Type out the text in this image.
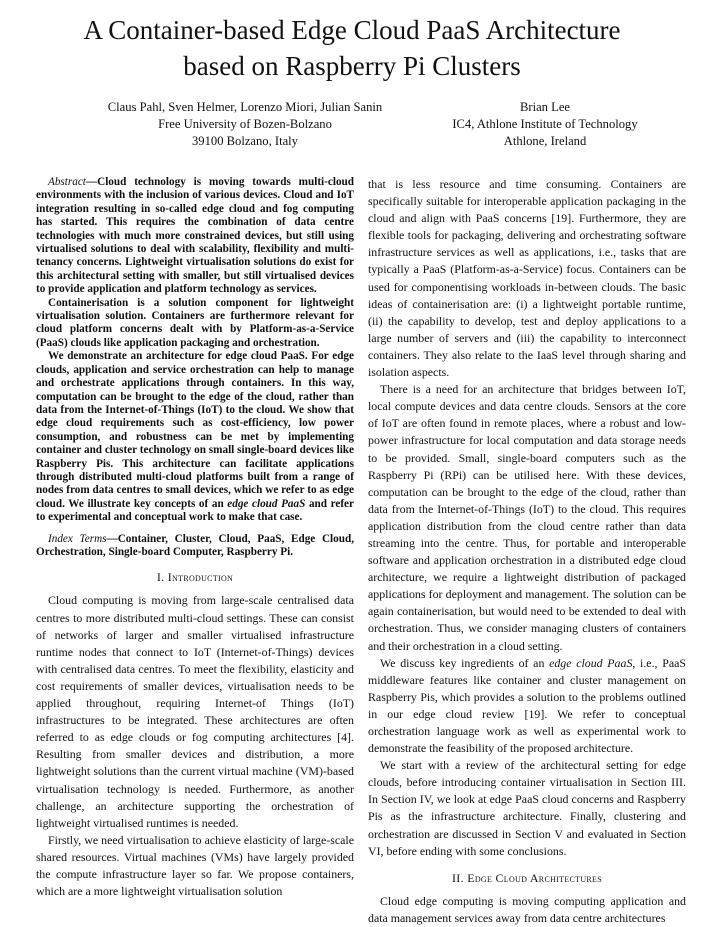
A Container-based Edge Cloud PaaS Architecture
based on Raspberry Pi Clusters
Claus Pahl, Sven Helmer, Lorenzo Miori, Julian Sanin
Free University of Bozen-Bolzano
39100 Bolzano, Italy
Brian Lee
IC4, Athlone Institute of Technology
Athlone, Ireland

Abstract—Cloud technology is moving towards multi-cloud environments with the inclusion of various devices. Cloud and IoT integration resulting in so-called edge cloud and fog computing has started. This requires the combination of data centre technologies with much more constrained devices, but still using virtualised solutions to deal with scalability, flexibility and multi-tenancy concerns. Lightweight virtualisation solutions do exist for this architectural setting with smaller, but still virtualised devices to provide application and platform technology as services.

Containerisation is a solution component for lightweight virtualisation solution. Containers are furthermore relevant for cloud platform concerns dealt with by Platform-as-a-Service (PaaS) clouds like application packaging and orchestration.

We demonstrate an architecture for edge cloud PaaS. For edge clouds, application and service orchestration can help to manage and orchestrate applications through containers. In this way, computation can be brought to the edge of the cloud, rather than data from the Internet-of-Things (IoT) to the cloud. We show that edge cloud requirements such as cost-efficiency, low power consumption, and robustness can be met by implementing container and cluster technology on small single-board devices like Raspberry Pis. This architecture can facilitate applications through distributed multi-cloud platforms built from a range of nodes from data centres to small devices, which we refer to as edge cloud. We illustrate key concepts of an edge cloud PaaS and refer to experimental and conceptual work to make that case.

Index Terms—Container, Cluster, Cloud, PaaS, Edge Cloud, Orchestration, Single-board Computer, Raspberry Pi.

I. Introduction

Cloud computing is moving from large-scale centralised data centres to more distributed multi-cloud settings. These can consist of networks of larger and smaller virtualised infrastructure runtime nodes that connect to IoT (Internet-of-Things) devices with centralised data centres. To meet the flexibility, elasticity and cost requirements of smaller devices, virtualisation needs to be applied throughout, requiring Internet-of Things (IoT) infrastructures to be integrated. These architectures are often referred to as edge clouds or fog computing architectures [4]. Resulting from smaller devices and distribution, a more lightweight solutions than the current virtual machine (VM)-based virtualisation technology is needed. Furthermore, as another challenge, an architecture supporting the orchestration of lightweight virtualised runtimes is needed.

Firstly, we need virtualisation to achieve elasticity of large-scale shared resources. Virtual machines (VMs) have largely provided the compute infrastructure layer so far. We propose containers, which are a more lightweight virtualisation solution

that is less resource and time consuming. Containers are specifically suitable for interoperable application packaging in the cloud and align with PaaS concerns [19]. Furthermore, they are flexible tools for packaging, delivering and orchestrating software infrastructure services as well as applications, i.e., tasks that are typically a PaaS (Platform-as-a-Service) focus. Containers can be used for componentising workloads in-between clouds. The basic ideas of containerisation are: (i) a lightweight portable runtime, (ii) the capability to develop, test and deploy applications to a large number of servers and (iii) the capability to interconnect containers. They also relate to the IaaS level through sharing and isolation aspects.

There is a need for an architecture that bridges between IoT, local compute devices and data centre clouds. Sensors at the core of IoT are often found in remote places, where a robust and low-power infrastructure for local computation and data storage needs to be provided. Small, single-board computers such as the Raspberry Pi (RPi) can be utilised here. With these devices, computation can be brought to the edge of the cloud, rather than data from the Internet-of-Things (IoT) to the cloud. This requires application distribution from the cloud centre rather than data streaming into the centre. Thus, for portable and interoperable software and application orchestration in a distributed edge cloud architecture, we require a lightweight distribution of packaged applications for deployment and management. The solution can be again containerisation, but would need to be extended to deal with orchestration. Thus, we consider managing clusters of containers and their orchestration in a cloud setting.

We discuss key ingredients of an edge cloud PaaS, i.e., PaaS middleware features like container and cluster management on Raspberry Pis, which provides a solution to the problems outlined in our edge cloud review [19]. We refer to conceptual orchestration language work as well as experimental work to demonstrate the feasibility of the proposed architecture.

We start with a review of the architectural setting for edge clouds, before introducing container virtualisation in Section III. In Section IV, we look at edge PaaS cloud concerns and Raspberry Pis as the infrastructure architecture. Finally, clustering and orchestration are discussed in Section V and evaluated in Section VI, before ending with some conclusions.

II. Edge Cloud Architectures

Cloud edge computing is moving computing application and data management services away from data centre architectures
